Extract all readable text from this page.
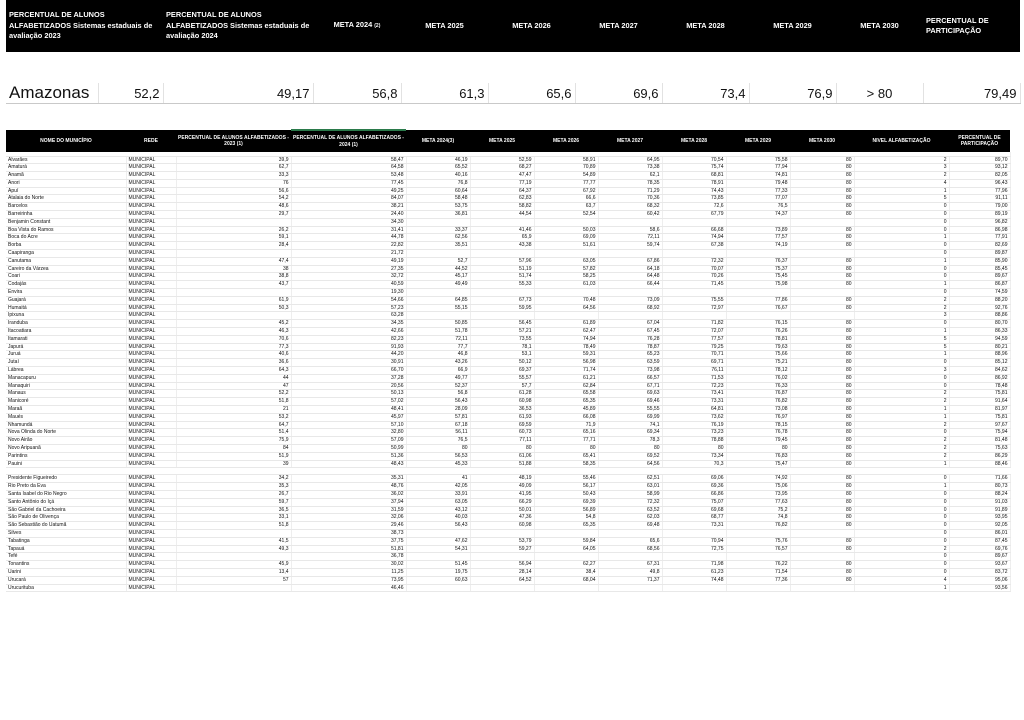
PERCENTUAL DE ALUNOS ALFABETIZADOS Sistemas estaduais de avaliação 2023	PERCENTUAL DE ALUNOS ALFABETIZADOS Sistemas estaduais de avaliação 2024	META 2024 (2)	META 2025	META 2026	META 2027	META 2028	META 2029	META 2030	PERCENTUAL DE PARTICIPAÇÃO
Amazonas	52,2	49,17	56,8	61,3	65,6	69,6	73,4	76,9	> 80	79,49
NOME DO MUNICÍPIO	REDE	PERCENTUAL DE ALUNOS ALFABETIZADOS - 2023 (1)	PERCENTUAL DE ALUNOS ALFABETIZADOS - 2024 (1)	META 2024(3)	META 2025	META 2026	META 2027	META 2028	META 2029	META 2030	NIVEL ALFABETIZAÇÃO	PERCENTUAL DE PARTICIPAÇÃO

Alvarães	MUNICIPAL	39,9	58,47	46,19	52,59	58,91	64,95	70,54	75,58	80	2	89,70
Amaturá	MUNICIPAL	62,7	64,58	65,52	68,27	70,89	73,38	75,74	77,94	80	3	93,12
Anamã	MUNICIPAL	33,3	53,48	40,16	47,47	54,89	62,1	68,81	74,81	80	2	82,05
Anori	MUNICIPAL	76	77,45	76,8	77,19	77,77	78,35	78,91	79,48	80	4	96,43
Apuí	MUNICIPAL	56,6	49,25	60,64	64,37	67,92	71,29	74,43	77,33	80	1	77,96
Atalaia do Norte	MUNICIPAL	54,2	84,07	58,48	62,83	66,6	70,36	73,85	77,07	80	5	91,11
Barcelos	MUNICIPAL	48,6	38,21	53,75	58,82	63,7	68,32	72,6	76,5	80	0	79,00
Barreirinha	MUNICIPAL	29,7	24,40	36,81	44,54	52,54	60,42	67,79	74,37	80	0	89,19
Benjamin Constant	MUNICIPAL		34,30								0	96,82
Boa Vista do Ramos	MUNICIPAL	26,2	31,41	33,37	41,46	50,03	58,6	66,68	73,89	80	0	86,98
Boca do Acre	MUNICIPAL	59,1	44,78	62,56	65,9	69,09	72,11	74,94	77,57	80	1	77,91
Borba	MUNICIPAL	28,4	22,82	35,51	43,38	51,61	59,74	67,38	74,19	80	0	82,69
Caapiranga	MUNICIPAL		21,72								0	89,87
Canutama	MUNICIPAL	47,4	49,19	52,7	57,96	63,05	67,86	72,32	76,37	80	1	85,90
Careiro da Várzea	MUNICIPAL	38	27,35	44,52	51,19	57,82	64,18	70,07	75,37	80	0	85,45
Coari	MUNICIPAL	38,8	32,72	45,17	51,74	58,25	64,48	70,26	75,45	80	0	89,67
Codajás	MUNICIPAL	43,7	40,59	49,49	55,33	61,03	66,44	71,45	75,98	80	1	86,87
Envira	MUNICIPAL		19,30								0	74,59
Guajará	MUNICIPAL	61,9	54,66	64,85	67,73	70,48	73,09	75,55	77,86	80	2	88,20
Humaitá	MUNICIPAL	50,3	57,23	55,15	59,95	64,56	68,92	72,97	76,67	80	2	92,76
Ipixuna	MUNICIPAL		63,28								3	88,86
Iranduba	MUNICIPAL	45,2	34,35	50,85	56,45	61,89	67,04	71,82	76,15	80	0	80,70
Itacoatiara	MUNICIPAL	46,3	42,66	51,78	57,21	62,47	67,45	72,07	76,26	80	1	86,33
Itamarati	MUNICIPAL	70,6	82,23	72,11	73,55	74,94	76,28	77,57	78,81	80	5	94,59
Japurá	MUNICIPAL	77,3	91,93	77,7	78,1	78,49	78,87	79,25	79,63	80	5	80,21
Juruá	MUNICIPAL	40,6	44,20	46,8	53,1	59,31	65,23	70,71	75,66	80	1	88,96
Jutaí	MUNICIPAL	36,6	30,91	43,26	50,12	56,98	63,59	69,71	75,21	80	0	85,12
Lábrea	MUNICIPAL	64,3	66,70	66,9	69,37	71,74	73,98	76,11	78,12	80	3	84,62
Manacapuru	MUNICIPAL	44	37,28	49,77	55,57	61,21	66,57	71,53	76,02	80	0	86,92
Manaquiri	MUNICIPAL	47	20,56	52,37	57,7	62,84	67,71	72,23	76,33	80	0	78,48
Manaus	MUNICIPAL	52,2	50,13	56,8	61,28	65,58	69,63	73,41	76,87	80	2	75,81
Manicoré	MUNICIPAL	51,8	57,02	56,43	60,98	65,35	69,46	73,31	76,82	80	2	91,64
Maraã	MUNICIPAL	21	48,41	28,09	36,53	45,89	55,55	64,81	73,08	80	1	81,97
Maués	MUNICIPAL	53,2	45,97	57,81	61,93	66,08	69,99	73,62	76,97	80	1	75,81
Nhamundá	MUNICIPAL	64,7	57,10	67,18	69,59	71,9	74,1	76,19	78,15	80	2	97,67
Nova Olinda do Norte	MUNICIPAL	51,4	32,80	56,11	60,73	65,16	69,34	73,23	76,78	80	0	75,94
Novo Airão	MUNICIPAL	75,9	57,09	76,5	77,11	77,71	78,3	78,88	79,45	80	2	81,48
Novo Aripuanã	MUNICIPAL	84	50,99	80	80	80	80	80	80	80	2	75,63
Parintins	MUNICIPAL	51,9	51,36	56,53	61,06	65,41	69,52	73,34	76,83	80	2	86,29
Pauini	MUNICIPAL	39	48,43	45,33	51,88	58,35	64,56	70,3	75,47	80	1	88,46

Presidente Figueiredo	MUNICIPAL	34,2	35,31	41	48,19	55,46	62,51	69,06	74,92	80	0	71,66
Rio Preto da Eva	MUNICIPAL	35,3	48,76	42,05	49,09	56,17	63,01	69,36	75,06	80	1	80,73
Santa Isabel do Rio Negro	MUNICIPAL	26,7	36,02	33,91	41,95	50,43	58,99	66,86	73,95	80	0	88,24
Santo Antônio do Içá	MUNICIPAL	59,7	37,94	63,05	66,29	69,39	72,32	75,07	77,63	80	0	91,03
São Gabriel da Cachoeira	MUNICIPAL	36,5	31,59	43,12	50,01	56,89	63,52	69,68	75,2	80	0	91,89
São Paulo de Olivença	MUNICIPAL	33,1	32,06	40,03	47,36	54,8	62,03	68,77	74,8	80	0	93,95
São Sebastião do Uatumã	MUNICIPAL	51,8	29,46	56,43	60,98	65,35	69,48	73,31	76,82	80	0	92,05
Silves	MUNICIPAL		38,73								0	86,01
Tabatinga	MUNICIPAL	41,5	37,75	47,62	53,79	59,84	65,6	70,94	75,76	80	0	87,45
Tapauá	MUNICIPAL	49,3	51,81	54,31	59,27	64,05	68,56	72,75	76,57	80	2	69,76
Tefé	MUNICIPAL		36,78								0	89,67
Tonantins	MUNICIPAL	45,9	30,02	51,45	56,94	62,27	67,31	71,98	76,22	80	0	93,67
Uarini	MUNICIPAL	13,4	11,25	19,75	28,14	38,4	49,8	61,23	71,54	80	0	83,72
Urucará	MUNICIPAL	57	73,95	60,63	64,52	68,04	71,37	74,48	77,36	80	4	95,06
Urucurituba	MUNICIPAL		46,46								1	93,56
